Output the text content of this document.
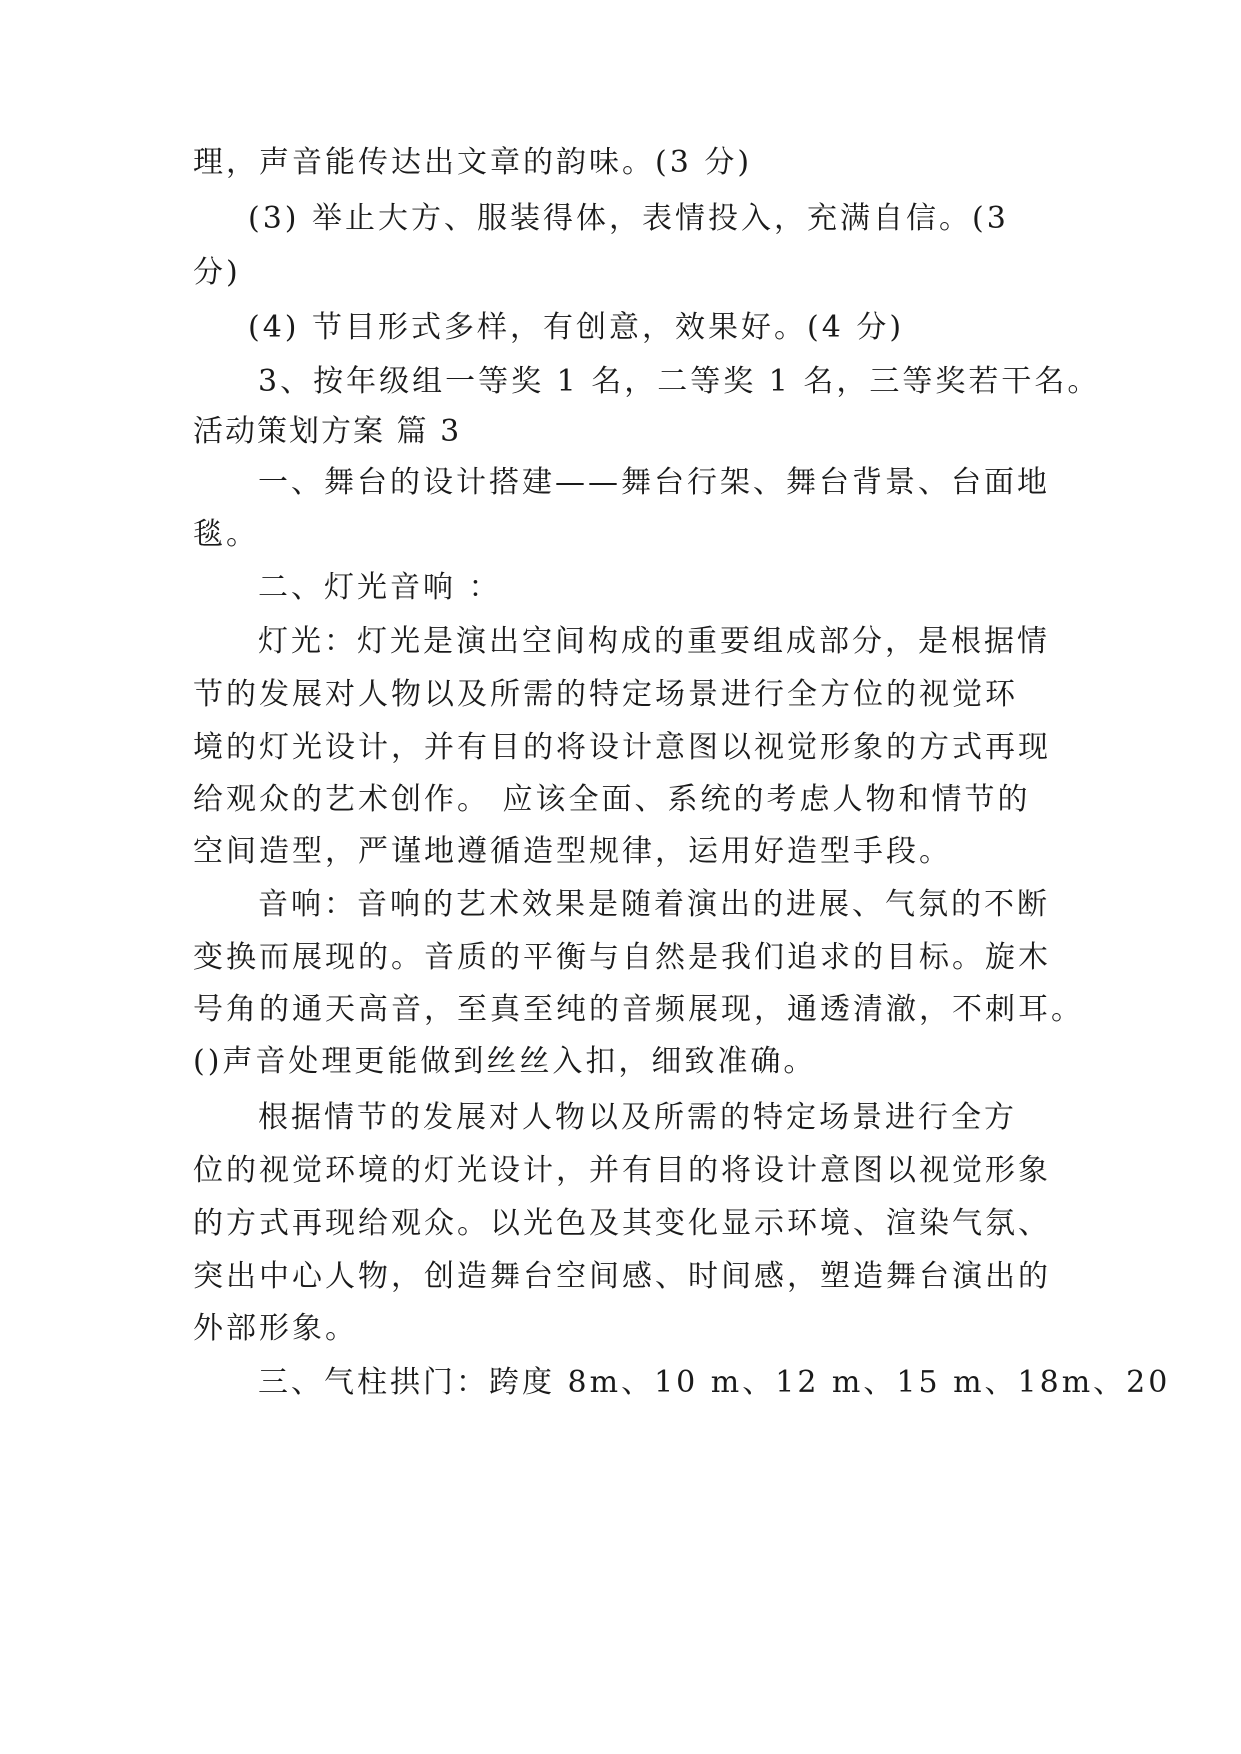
理，声音能传达出文章的韵味。(3 分)
(3) 举止大方、服装得体，表情投入，充满自信。(3
分)
(4) 节目形式多样，有创意，效果好。(4 分)
3、按年级组一等奖 1 名，二等奖 1 名，三等奖若干名。
活动策划方案 篇 3
一、舞台的设计搭建——舞台行架、舞台背景、台面地
毯。
二、灯光音响 ：
灯光：灯光是演出空间构成的重要组成部分，是根据情
节的发展对人物以及所需的特定场景进行全方位的视觉环
境的灯光设计，并有目的将设计意图以视觉形象的方式再现
给观众的艺术创作。 应该全面、系统的考虑人物和情节的
空间造型，严谨地遵循造型规律，运用好造型手段。
音响：音响的艺术效果是随着演出的进展、气氛的不断
变换而展现的。音质的平衡与自然是我们追求的目标。旋木
号角的通天高音，至真至纯的音频展现，通透清澈，不刺耳。
()声音处理更能做到丝丝入扣，细致准确。
根据情节的发展对人物以及所需的特定场景进行全方
位的视觉环境的灯光设计，并有目的将设计意图以视觉形象
的方式再现给观众。以光色及其变化显示环境、渲染气氛、
突出中心人物，创造舞台空间感、时间感，塑造舞台演出的
外部形象。
三、气柱拱门：跨度 8m、10 m、12 m、15 m、18m、20
